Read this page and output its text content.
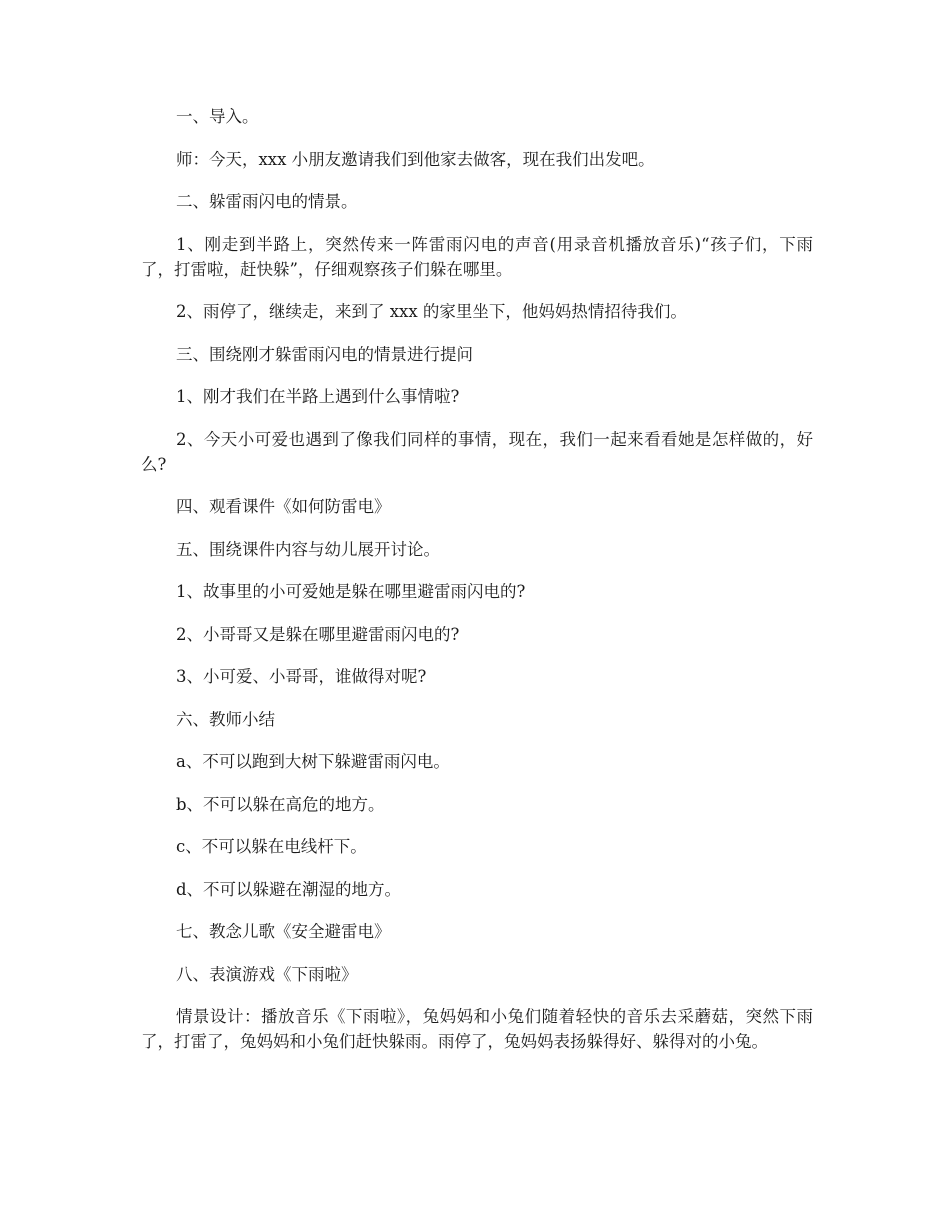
一、导入。

师：今天，xxx 小朋友邀请我们到他家去做客，现在我们出发吧。

二、躲雷雨闪电的情景。

1、刚走到半路上，突然传来一阵雷雨闪电的声音(用录音机播放音乐)“孩子们，下雨了，打雷啦，赶快躲”，仔细观察孩子们躲在哪里。

2、雨停了，继续走，来到了 xxx 的家里坐下，他妈妈热情招待我们。

三、围绕刚才躲雷雨闪电的情景进行提问

1、刚才我们在半路上遇到什么事情啦?

2、今天小可爱也遇到了像我们同样的事情，现在，我们一起来看看她是怎样做的，好么?

四、观看课件《如何防雷电》

五、围绕课件内容与幼儿展开讨论。

1、故事里的小可爱她是躲在哪里避雷雨闪电的?

2、小哥哥又是躲在哪里避雷雨闪电的?

3、小可爱、小哥哥，谁做得对呢?

六、教师小结

a、不可以跑到大树下躲避雷雨闪电。

b、不可以躲在高危的地方。

c、不可以躲在电线杆下。

d、不可以躲避在潮湿的地方。

七、教念儿歌《安全避雷电》

八、表演游戏《下雨啦》

情景设计：播放音乐《下雨啦》，兔妈妈和小兔们随着轻快的音乐去采蘑菇，突然下雨了，打雷了，兔妈妈和小兔们赶快躲雨。雨停了，兔妈妈表扬躲得好、躲得对的小兔。
